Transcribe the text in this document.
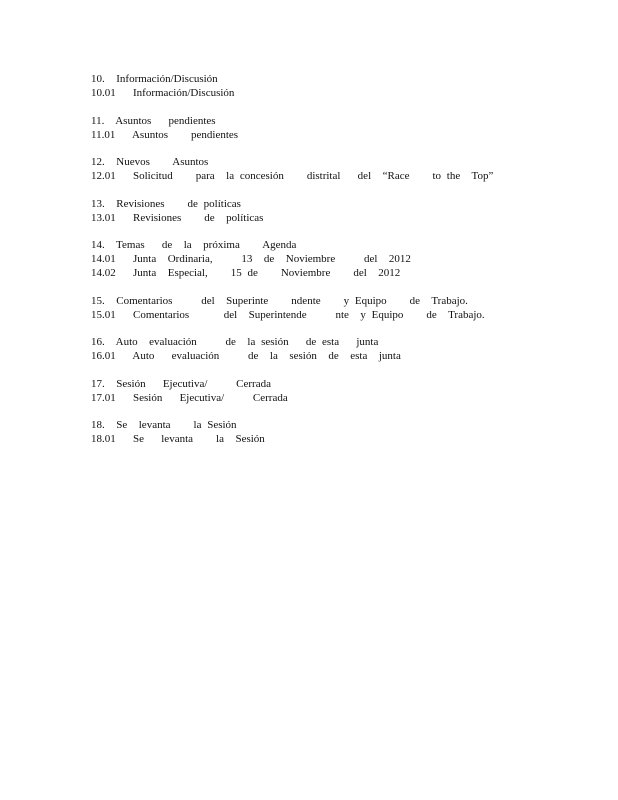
10.  Información/Discusión
10.01   Información/Discusión
11.  Asuntos   pendientes
11.01   Asuntos    pendientes
12.  Nuevos    Asuntos
12.01   Solicitud    para  la concesión    distrital   del  “Race    to the  Top”
13.  Revisiones    de políticas
13.01   Revisiones    de  políticas
14.  Temas   de  la  próxima    Agenda
14.01   Junta  Ordinaria,     13  de  Noviembre     del  2012
14.02   Junta  Especial,    15 de    Noviembre    del  2012
15.  Comentarios     del  Superinte    ndente    y Equipo    de  Trabajo.
15.01   Comentarios      del  Superintende     nte  y Equipo    de  Trabajo.
16.  Auto  evaluación     de  la sesión   de esta   junta
16.01   Auto   evaluación     de  la  sesión  de  esta  junta
17.  Sesión   Ejecutiva/     Cerrada
17.01   Sesión   Ejecutiva/     Cerrada
18.  Se  levanta    la Sesión
18.01   Se   levanta    la  Sesión
